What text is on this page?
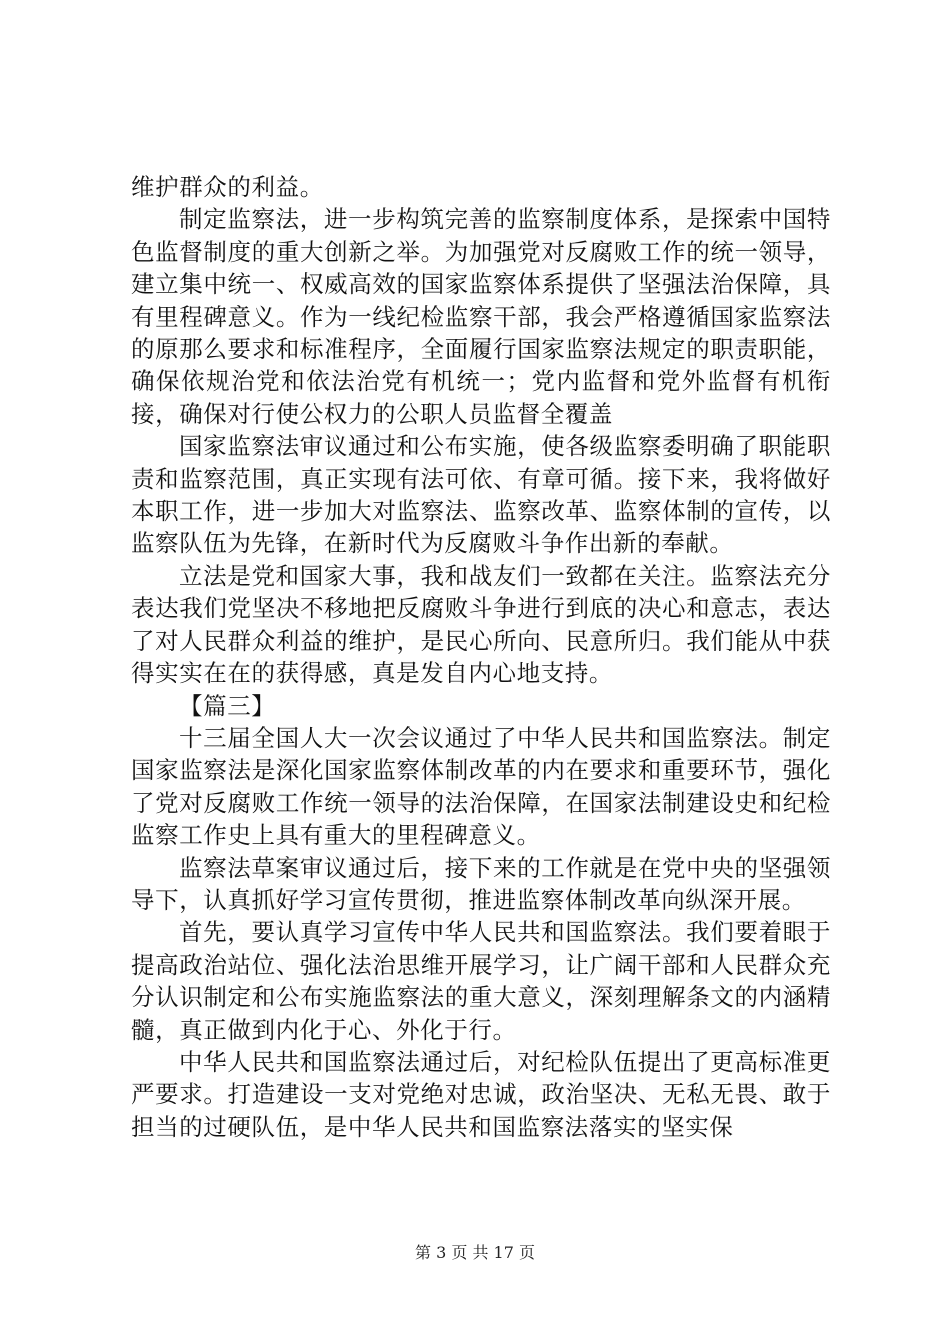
维护群众的利益。

制定监察法，进一步构筑完善的监察制度体系，是探索中国特色监督制度的重大创新之举。为加强党对反腐败工作的统一领导，建立集中统一、权威高效的国家监察体系提供了坚强法治保障，具有里程碑意义。作为一线纪检监察干部，我会严格遵循国家监察法的原那么要求和标准程序，全面履行国家监察法规定的职责职能，确保依规治党和依法治党有机统一；党内监督和党外监督有机衔接，确保对行使公权力的公职人员监督全覆盖

国家监察法审议通过和公布实施，使各级监察委明确了职能职责和监察范围，真正实现有法可依、有章可循。接下来，我将做好本职工作，进一步加大对监察法、监察改革、监察体制的宣传，以监察队伍为先锋，在新时代为反腐败斗争作出新的奉献。

立法是党和国家大事，我和战友们一致都在关注。监察法充分表达我们党坚决不移地把反腐败斗争进行到底的决心和意志，表达了对人民群众利益的维护，是民心所向、民意所归。我们能从中获得实实在在的获得感，真是发自内心地支持。

【篇三】

十三届全国人大一次会议通过了中华人民共和国监察法。制定国家监察法是深化国家监察体制改革的内在要求和重要环节，强化了党对反腐败工作统一领导的法治保障，在国家法制建设史和纪检监察工作史上具有重大的里程碑意义。

监察法草案审议通过后，接下来的工作就是在党中央的坚强领导下，认真抓好学习宣传贯彻，推进监察体制改革向纵深开展。

首先，要认真学习宣传中华人民共和国监察法。我们要着眼于提高政治站位、强化法治思维开展学习，让广阔干部和人民群众充分认识制定和公布实施监察法的重大意义，深刻理解条文的内涵精髓，真正做到内化于心、外化于行。

中华人民共和国监察法通过后，对纪检队伍提出了更高标准更严要求。打造建设一支对党绝对忠诚，政治坚决、无私无畏、敢于担当的过硬队伍，是中华人民共和国监察法落实的坚实保

第 3 页 共 17 页
